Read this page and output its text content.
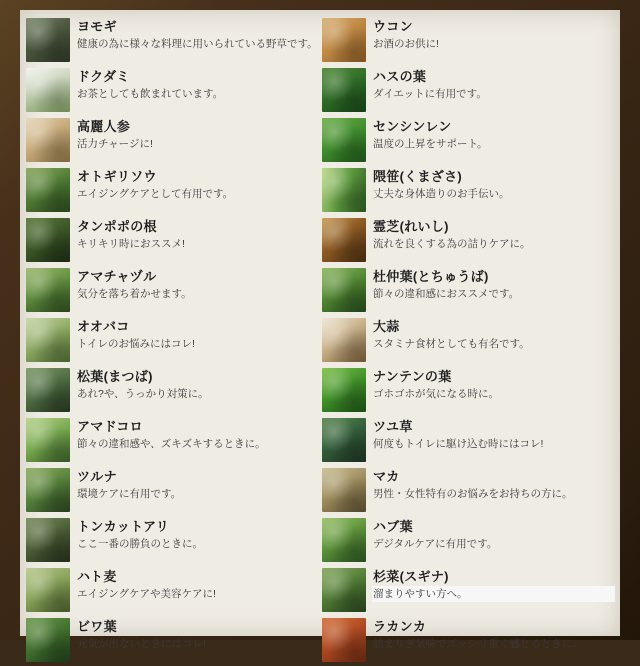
ヨモギ
健康の為に様々な料理に用いられている野草です。
ウコン
お酒のお供に!
ドクダミ
お茶としても飲まれています。
ハスの葉
ダイエットに有用です。
高麗人参
活力チャージに!
センシンレン
温度の上昇をサポート。
オトギリソウ
エイジングケアとして有用です。
隈笹(くまざさ)
丈夫な身体造りのお手伝い。
タンポポの根
キリキリ時におススメ!
霊芝(れいし)
流れを良くする為の詰りケアに。
アマチャヅル
気分を落ち着かせます。
杜仲葉(とちゅうば)
節々の違和感におススメです。
オオバコ
トイレのお悩みにはコレ!
大蒜
スタミナ食材としても有名です。
松葉(まつば)
あれ?や、うっかり対策に。
ナンテンの葉
ゴホゴホが気になる時に。
アマドコロ
節々の違和感や、ズキズキするときに。
ツユ草
何度もトイレに駆け込む時にはコレ!
ツルナ
環境ケアに有用です。
マカ
男性・女性特有のお悩みをお持ちの方に。
トンカットアリ
ここ一番の勝負のときに。
ハブ葉
デジタルケアに有用です。
ハト麦
エイジングケアや美容ケアに!
杉菜(スギナ)
溜まりやすい方へ。
ビワ葉
元気が出ないときにはコレ!
ラカンカ
詰まりぎ気味でズッシリ重く感じるときに。
